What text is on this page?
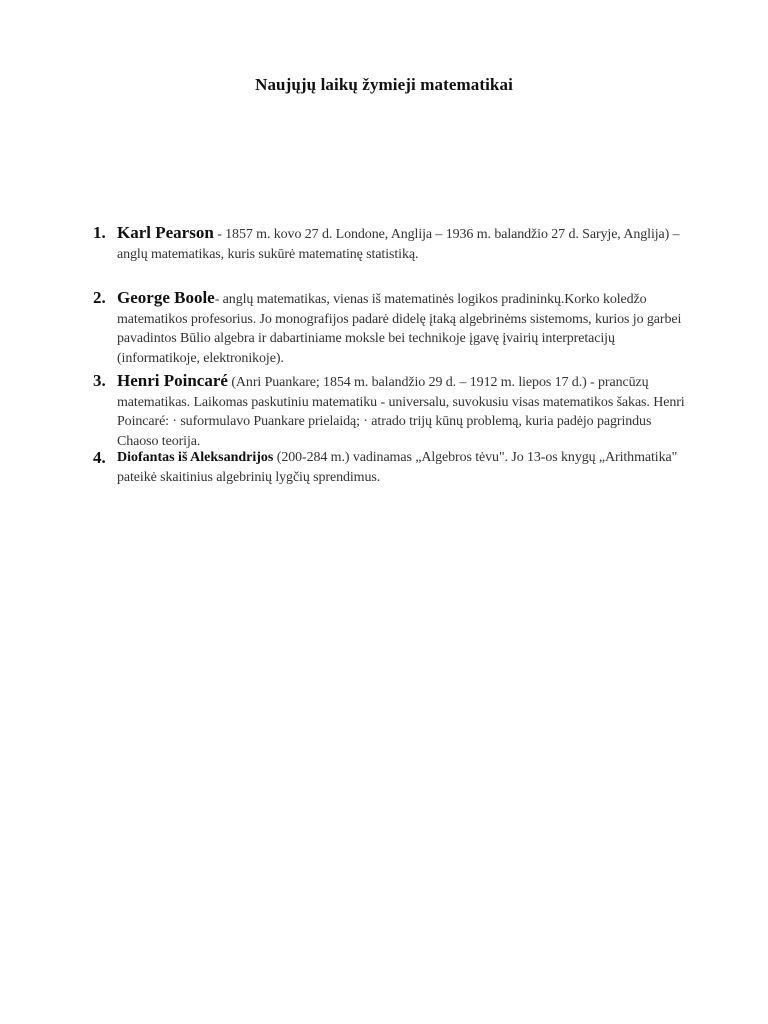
Naujųjų laikų žymieji matematikai
1. Karl Pearson - 1857 m. kovo 27 d. Londone, Anglija – 1936 m. balandžio 27 d. Saryje, Anglija) – anglų matematikas, kuris sukūrė matematinę statistiką.
2. George Boole- anglų matematikas, vienas iš matematinės logikos pradininkų.Korko koledžo matematikos profesorius. Jo monografijos padarė didelę įtaką algebrinėms sistemoms, kurios jo garbei pavadintos Būlio algebra ir dabartiniame moksle bei technikoje įgavę įvairių interpretacijų (informatikoje, elektronikoje).
3. Henri Poincaré (Anri Puankare; 1854 m. balandžio 29 d. – 1912 m. liepos 17 d.) - prancūzų matematikas. Laikomas paskutiniu matematiku - universalu, suvokusiu visas matematikos šakas. Henri Poincaré: · suformulavo Puankare prielaidą; · atrado trijų kūnų problemą, kuria padėjo pagrindus Chaoso teorija.
4. Diofantas iš Aleksandrijos (200-284 m.) vadinamas „Algebros tėvu". Jo 13-os knygų „Arithmatika" pateikė skaitinius algebrinių lygčių sprendimus.
